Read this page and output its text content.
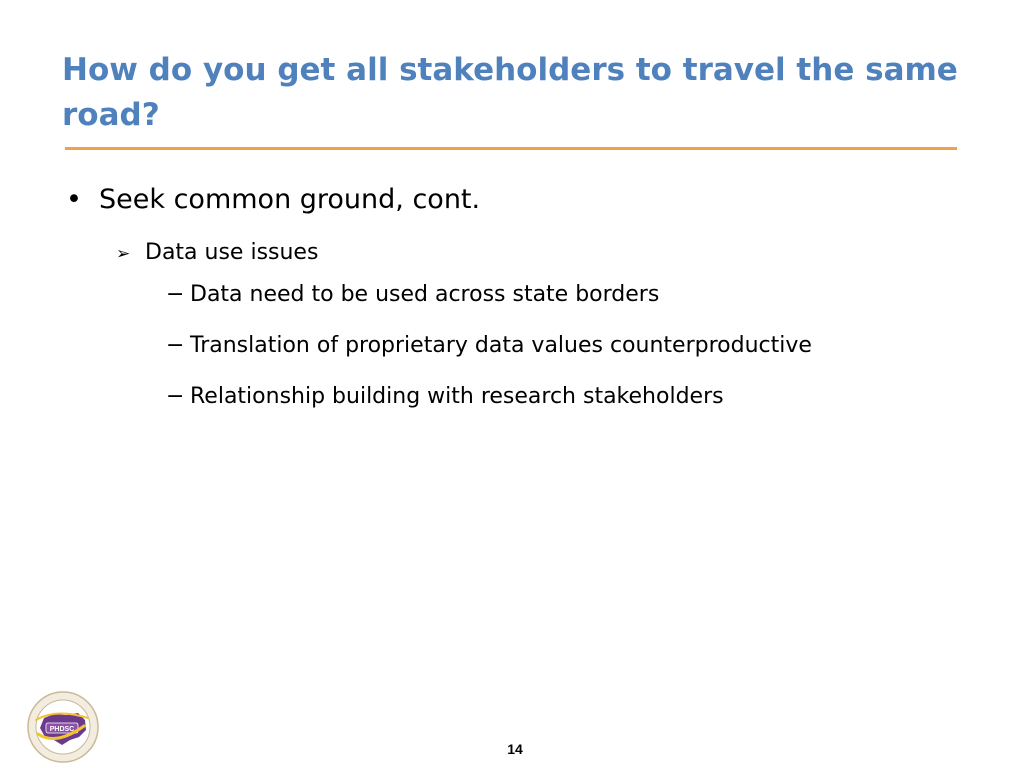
How do you get all stakeholders to travel the same road?
• Seek common ground, cont.
➢ Data use issues
− Data need to be used across state borders
− Translation of proprietary data values counterproductive
− Relationship building with research stakeholders
PHDSC
14
